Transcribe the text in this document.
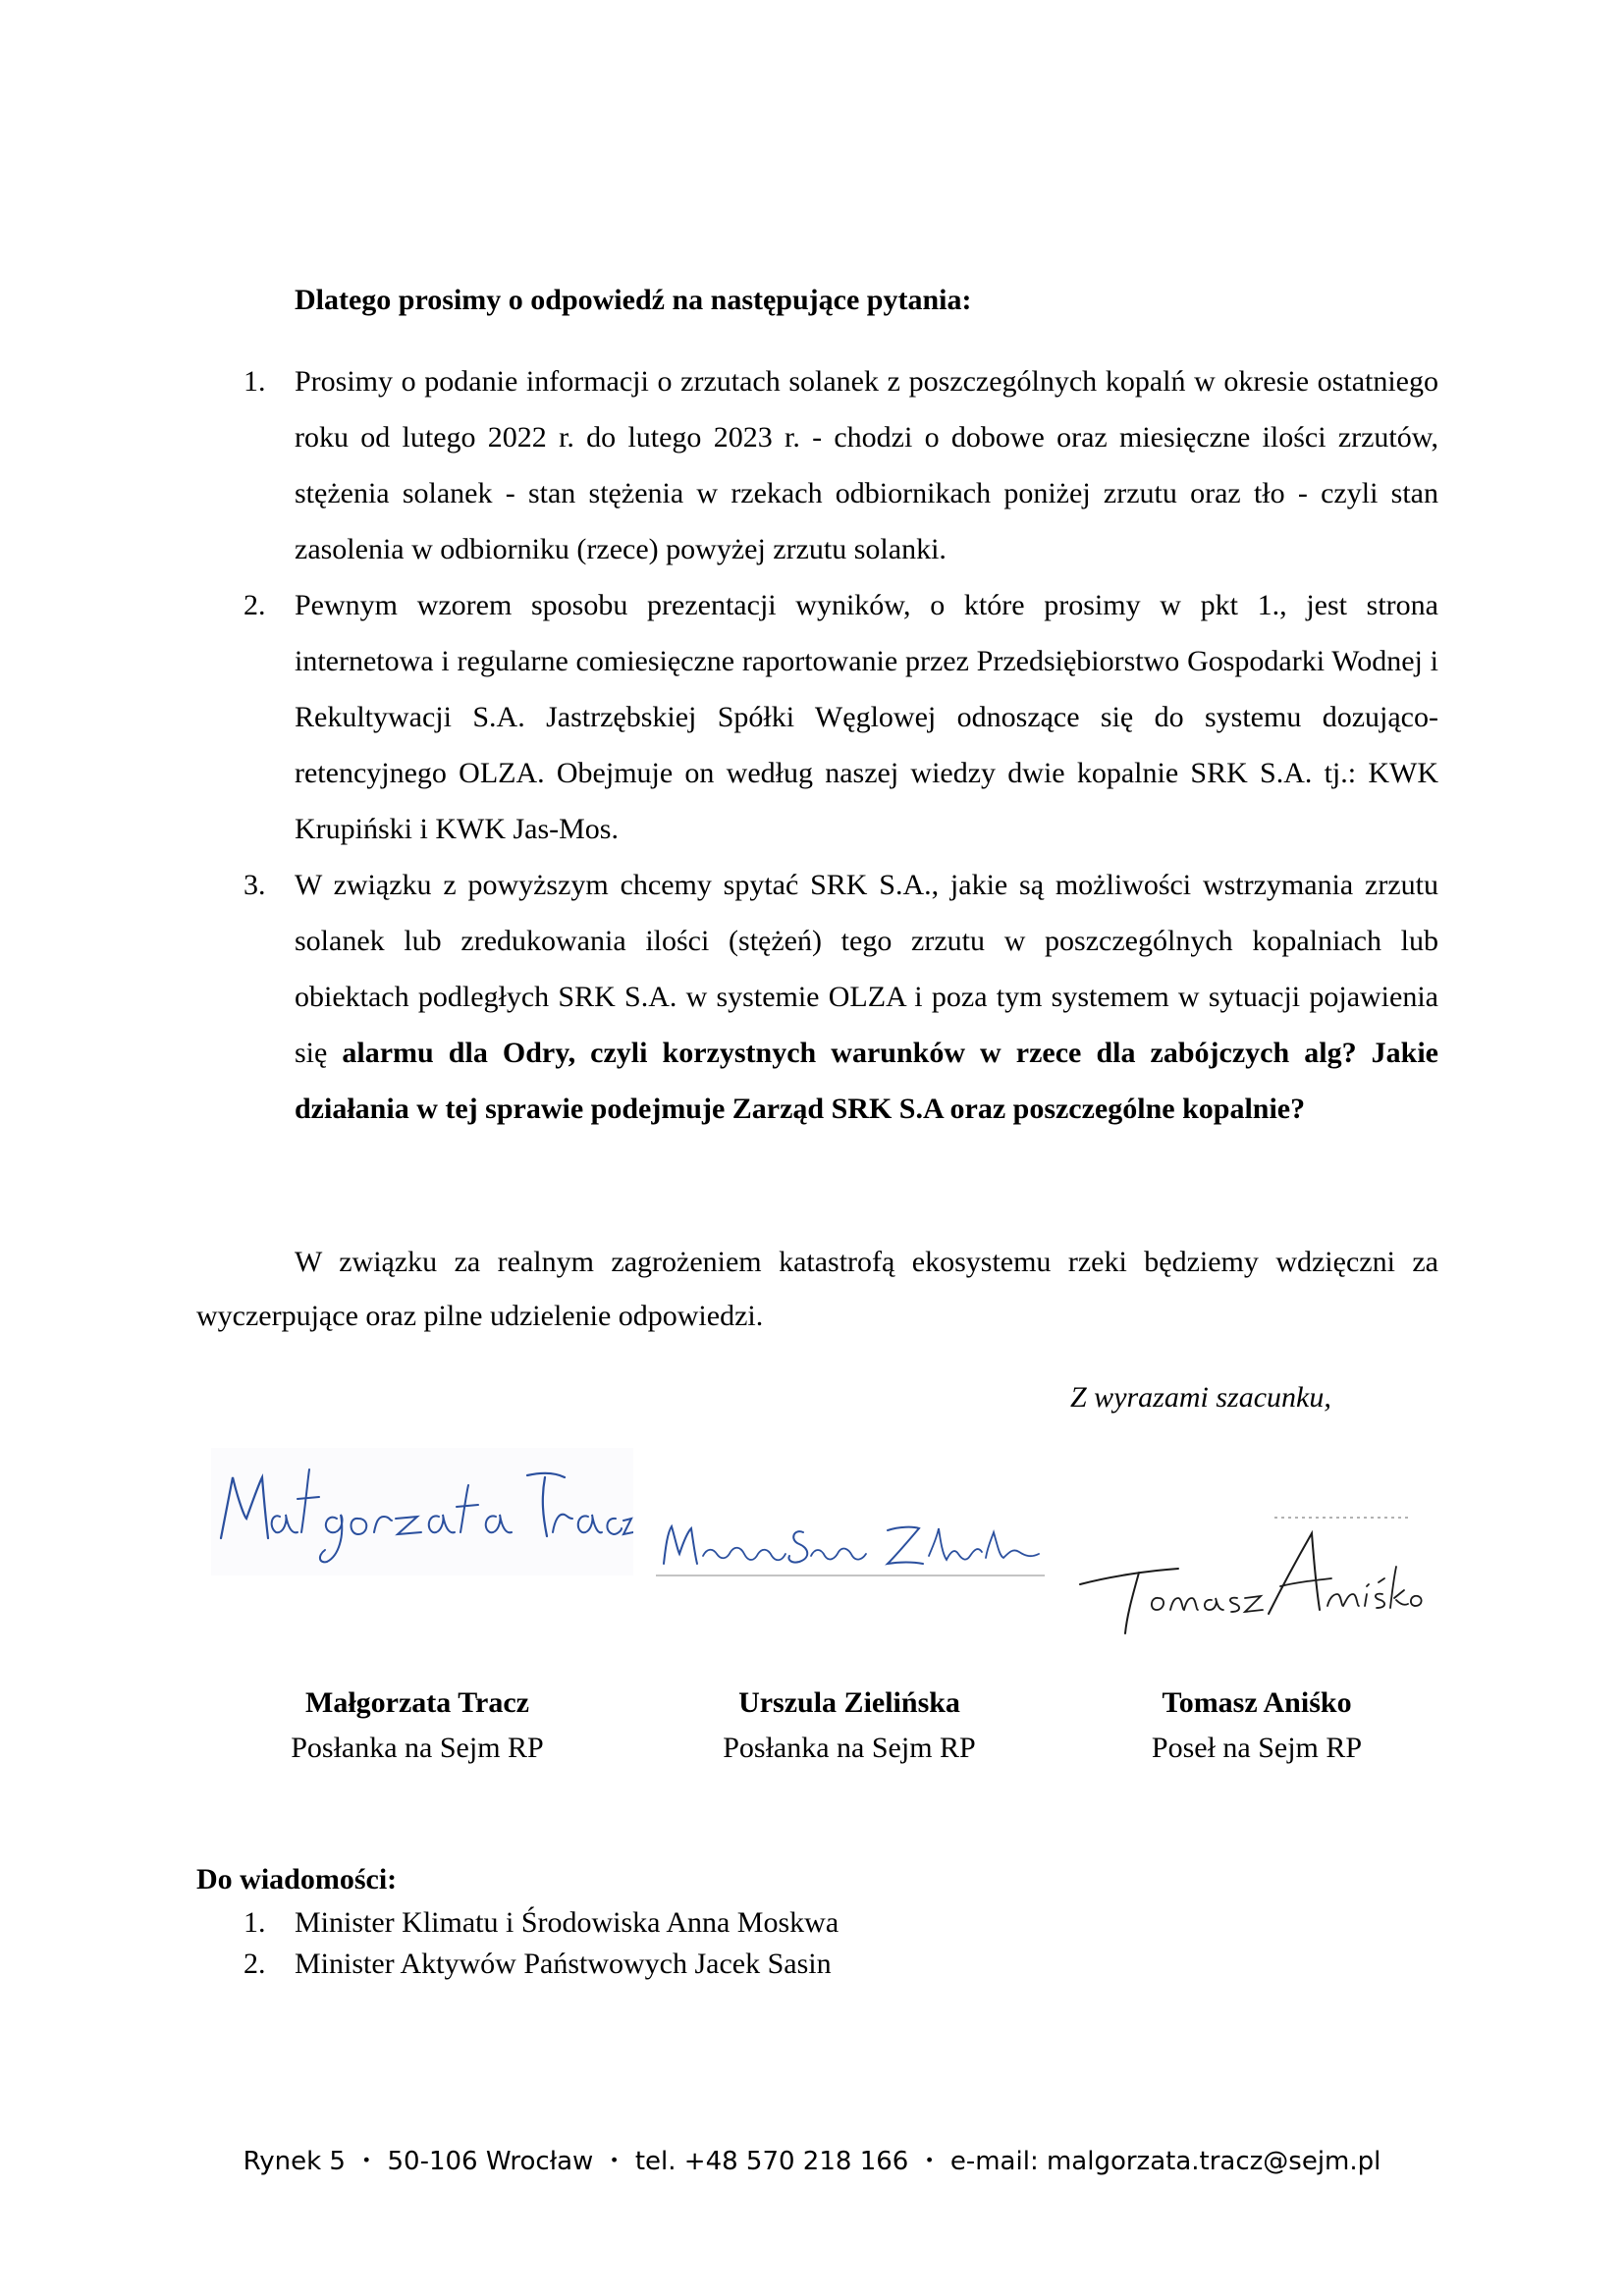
Dlatego prosimy o odpowiedź na następujące pytania:
1. Prosimy o podanie informacji o zrzutach solanek z poszczególnych kopalń w okresie ostatniego roku od lutego 2022 r. do lutego 2023 r. - chodzi o dobowe oraz miesięczne ilości zrzutów, stężenia solanek - stan stężenia w rzekach odbiornikach poniżej zrzutu oraz tło - czyli stan zasolenia w odbiorniku (rzece) powyżej zrzutu solanki.
2. Pewnym wzorem sposobu prezentacji wyników, o które prosimy w pkt 1., jest strona internetowa i regularne comiesięczne raportowanie przez Przedsiębiorstwo Gospodarki Wodnej i Rekultywacji S.A. Jastrzębskiej Spółki Węglowej odnoszące się do systemu dozująco-retencyjnego OLZA. Obejmuje on według naszej wiedzy dwie kopalnie SRK S.A. tj.: KWK Krupiński i KWK Jas-Mos.
3. W związku z powyższym chcemy spytać SRK S.A., jakie są możliwości wstrzymania zrzutu solanek lub zredukowania ilości (stężeń) tego zrzutu w poszczególnych kopalniach lub obiektach podległych SRK S.A. w systemie OLZA i poza tym systemem w sytuacji pojawienia się alarmu dla Odry, czyli korzystnych warunków w rzece dla zabójczych alg? Jakie działania w tej sprawie podejmuje Zarząd SRK S.A oraz poszczególne kopalnie?

W związku za realnym zagrożeniem katastrofą ekosystemu rzeki będziemy wdzięczni za wyczerpujące oraz pilne udzielenie odpowiedzi.

Z wyrazami szacunku,
Małgorzata Tracz
Posłanka na Sejm RP
Urszula Zielińska
Posłanka na Sejm RP
Tomasz Aniśko
Poseł na Sejm RP
Do wiadomości:
1. Minister Klimatu i Środowiska Anna Moskwa
2. Minister Aktywów Państwowych Jacek Sasin
Rynek 5 ・ 50-106 Wrocław ・ tel. +48 570 218 166 ・ e-mail: malgorzata.tracz@sejm.pl
